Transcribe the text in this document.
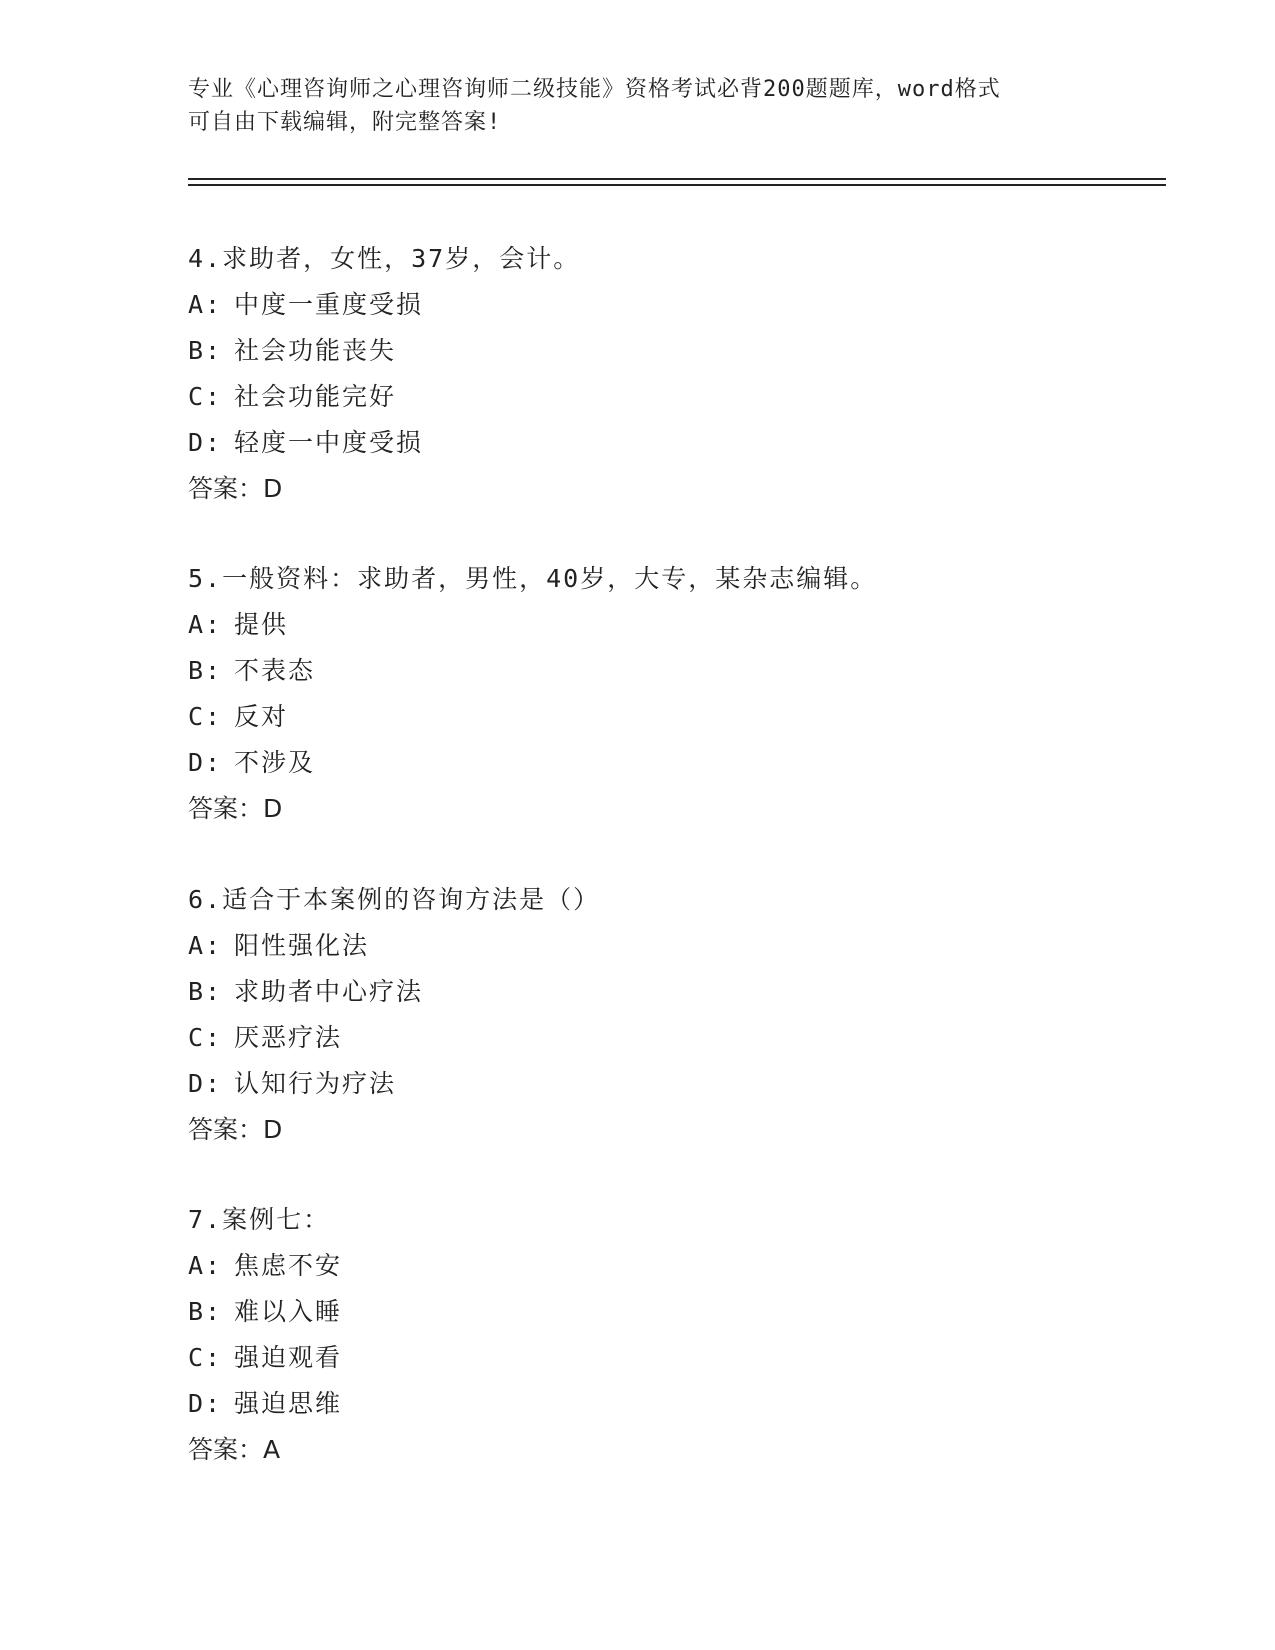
专业《心理咨询师之心理咨询师二级技能》资格考试必背200题题库，word格式
可自由下载编辑，附完整答案!
4.求助者，女性，37岁，会计。
A: 中度一重度受损
B: 社会功能丧失
C: 社会功能完好
D: 轻度一中度受损
答案：D
5.一般资料：求助者，男性，40岁，大专，某杂志编辑。
A: 提供
B: 不表态
C: 反对
D: 不涉及
答案：D
6.适合于本案例的咨询方法是（）
A: 阳性强化法
B: 求助者中心疗法
C: 厌恶疗法
D: 认知行为疗法
答案：D
7.案例七：
A: 焦虑不安
B: 难以入睡
C: 强迫观看
D: 强迫思维
答案：A
